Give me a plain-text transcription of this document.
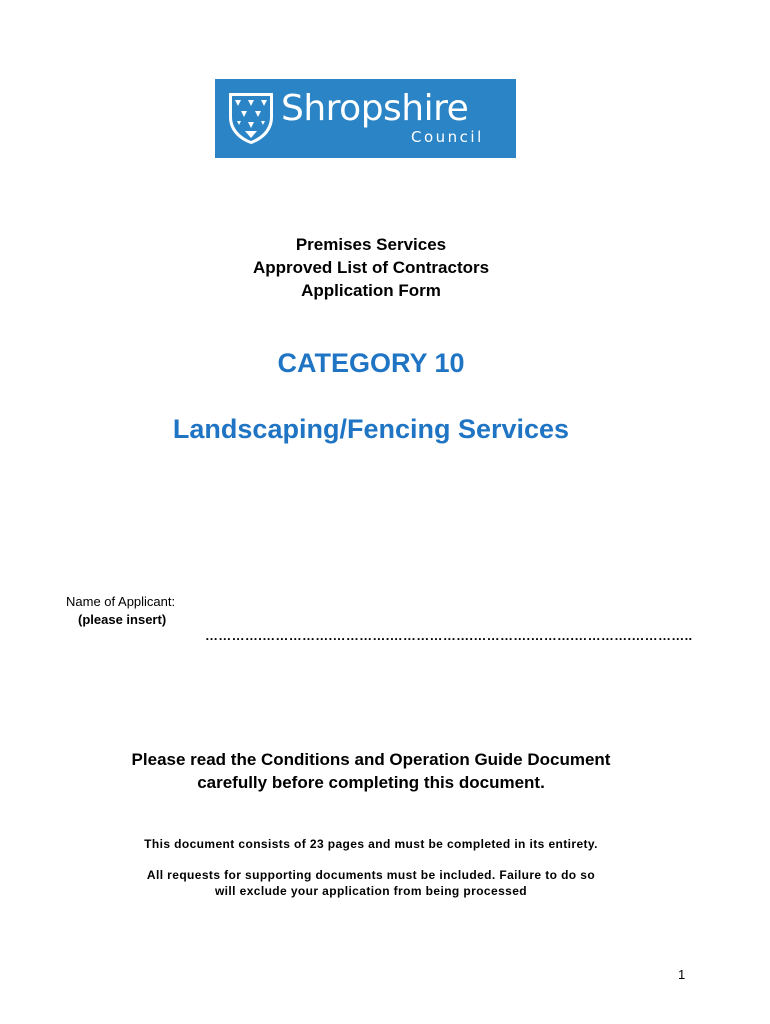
Shropshire
Council
Premises Services
Approved List of Contractors
Application Form
CATEGORY 10
Landscaping/Fencing Services
Name of Applicant:
(please insert)
………….…………….………….……………….………….……….………….…………..
Please read the Conditions and Operation Guide Document
carefully before completing this document.
This document consists of 23 pages and must be completed in its entirety.
All requests for supporting documents must be included. Failure to do so
will exclude your application from being processed
1
